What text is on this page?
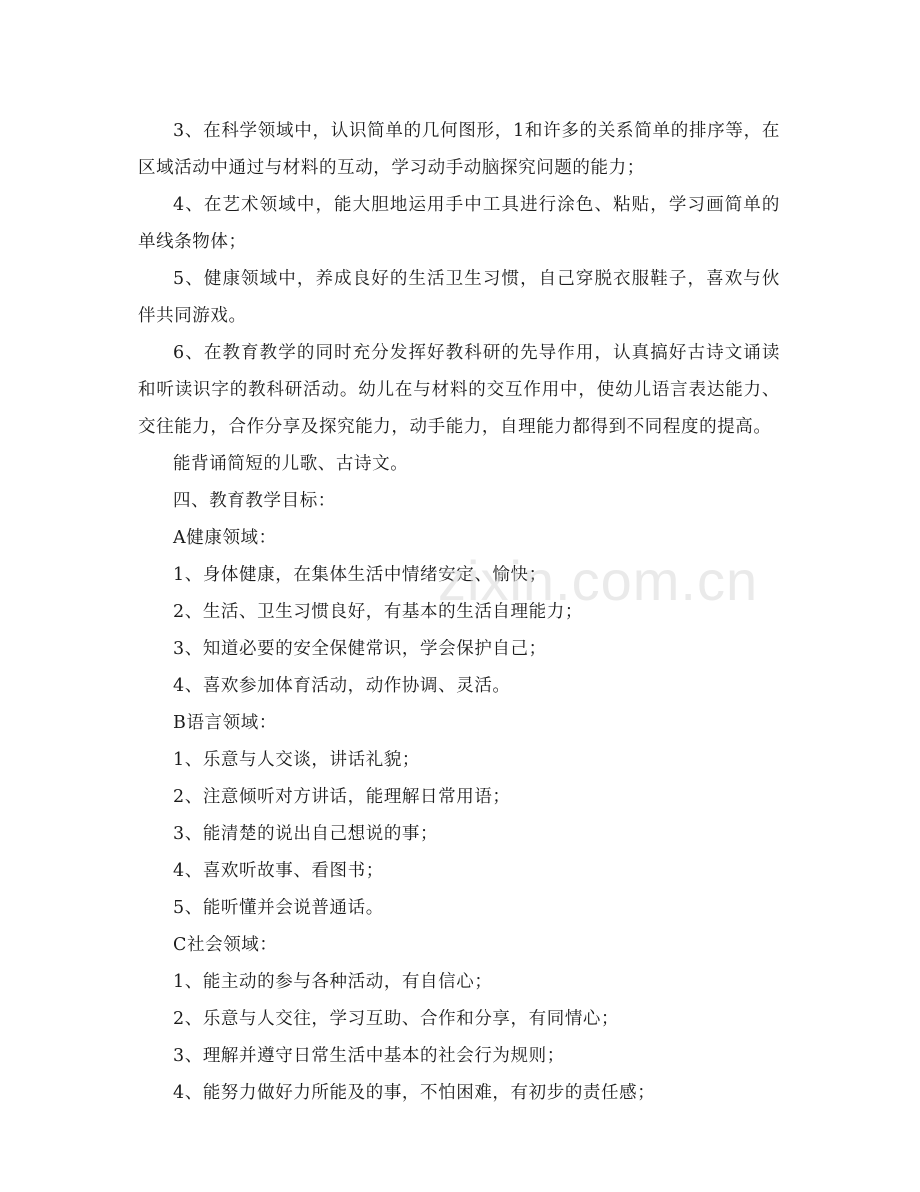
3、在科学领域中，认识简单的几何图形，1和许多的关系简单的排序等，在区域活动中通过与材料的互动，学习动手动脑探究问题的能力；

4、在艺术领域中，能大胆地运用手中工具进行涂色、粘贴，学习画简单的单线条物体；

5、健康领域中，养成良好的生活卫生习惯，自己穿脱衣服鞋子，喜欢与伙伴共同游戏。

6、在教育教学的同时充分发挥好教科研的先导作用，认真搞好古诗文诵读和听读识字的教科研活动。幼儿在与材料的交互作用中，使幼儿语言表达能力、交往能力，合作分享及探究能力，动手能力，自理能力都得到不同程度的提高。

能背诵简短的儿歌、古诗文。

四、教育教学目标：

A健康领域：

1、身体健康，在集体生活中情绪安定、愉快；

2、生活、卫生习惯良好，有基本的生活自理能力；

3、知道必要的安全保健常识，学会保护自己；

4、喜欢参加体育活动，动作协调、灵活。

B语言领域：

1、乐意与人交谈，讲话礼貌；

2、注意倾听对方讲话，能理解日常用语；

3、能清楚的说出自己想说的事；

4、喜欢听故事、看图书；

5、能听懂并会说普通话。

C社会领域：

1、能主动的参与各种活动，有自信心；

2、乐意与人交往，学习互助、合作和分享，有同情心；

3、理解并遵守日常生活中基本的社会行为规则；

4、能努力做好力所能及的事，不怕困难，有初步的责任感；

zixin.com.cn
